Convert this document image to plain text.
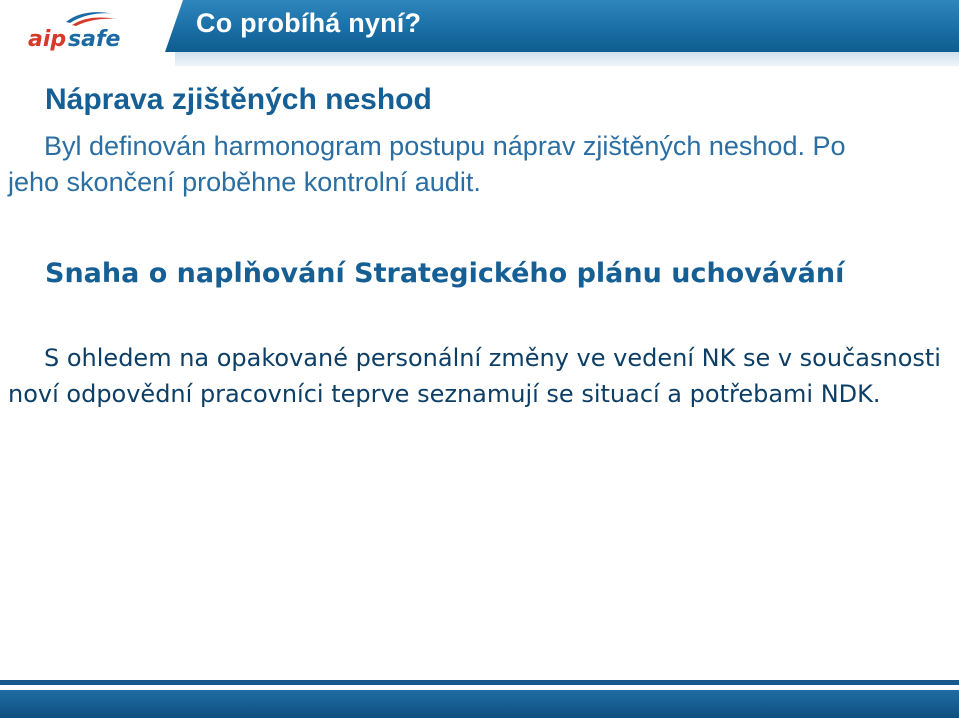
aip safe
Co probíhá nyní?
Náprava zjištěných neshod

Byl definován harmonogram postupu náprav zjištěných neshod. Po jeho skončení proběhne kontrolní audit.

Snaha o naplňování Strategického plánu uchovávání

S ohledem na opakované personální změny ve vedení NK se v současnosti noví odpovědní pracovníci teprve seznamují se situací a potřebami NDK.
